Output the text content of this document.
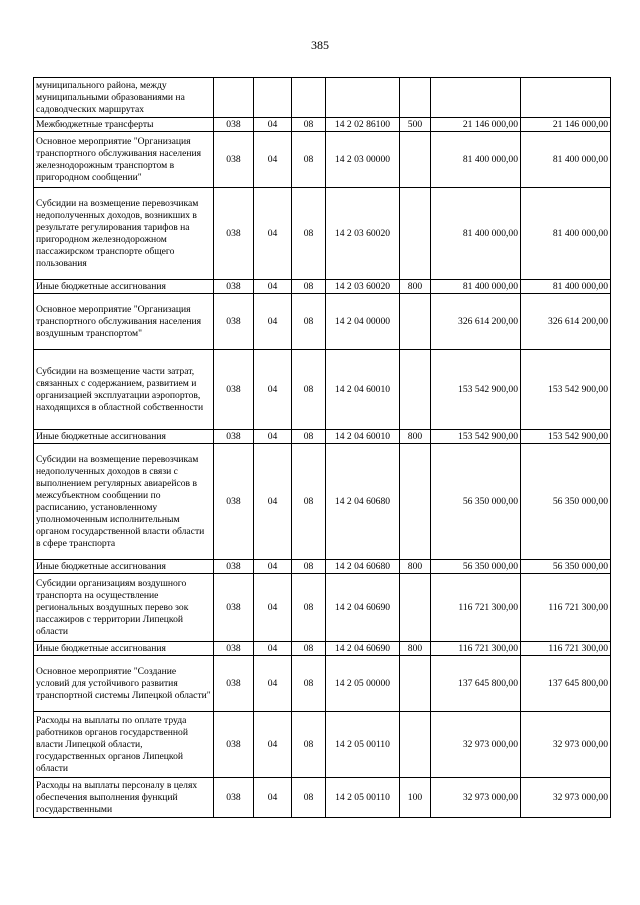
385
муниципального района, между муниципальными образованиями на садоводческих маршрутах							
Межбюджетные трансферты	038	04	08	14 2 02 86100	500	21 146 000,00	21 146 000,00
Основное мероприятие "Организация транспортного обслуживания населения железнодорожным транспортом в пригородном сообщении"	038	04	08	14 2 03 00000		81 400 000,00	81 400 000,00
Субсидии на возмещение перевозчикам недополученных доходов, возникших в результате регулирования тарифов на пригородном железнодорожном пассажирском транспорте общего пользования	038	04	08	14 2 03 60020		81 400 000,00	81 400 000,00
Иные бюджетные ассигнования	038	04	08	14 2 03 60020	800	81 400 000,00	81 400 000,00
Основное мероприятие "Организация транспортного обслуживания населения воздушным транспортом"	038	04	08	14 2 04 00000		326 614 200,00	326 614 200,00
Субсидии на возмещение части затрат, связанных с содержанием, развитием и организацией эксплуатации аэропортов, находящихся в областной собственности	038	04	08	14 2 04 60010		153 542 900,00	153 542 900,00
Иные бюджетные ассигнования	038	04	08	14 2 04 60010	800	153 542 900,00	153 542 900,00
Субсидии на возмещение перевозчикам недополученных доходов в связи с выполнением регулярных авиарейсов в межсубъектном сообщении по расписанию, установленному уполномоченным исполнительным органом государственной власти области в сфере транспорта	038	04	08	14 2 04 60680		56 350 000,00	56 350 000,00
Иные бюджетные ассигнования	038	04	08	14 2 04 60680	800	56 350 000,00	56 350 000,00
Субсидии организациям воздушного транспорта на осуществление региональных воздушных перево зок пассажиров с территории Липецкой области	038	04	08	14 2 04 60690		116 721 300,00	116 721 300,00
Иные бюджетные ассигнования	038	04	08	14 2 04 60690	800	116 721 300,00	116 721 300,00
Основное мероприятие "Создание условий для устойчивого развития транспортной системы Липецкой области"	038	04	08	14 2 05 00000		137 645 800,00	137 645 800,00
Расходы на выплаты по оплате труда работников органов государственной власти Липецкой области, государственных органов Липецкой области	038	04	08	14 2 05 00110		32 973 000,00	32 973 000,00
Расходы на выплаты персоналу в целях обеспечения выполнения функций государственными	038	04	08	14 2 05 00110	100	32 973 000,00	32 973 000,00
